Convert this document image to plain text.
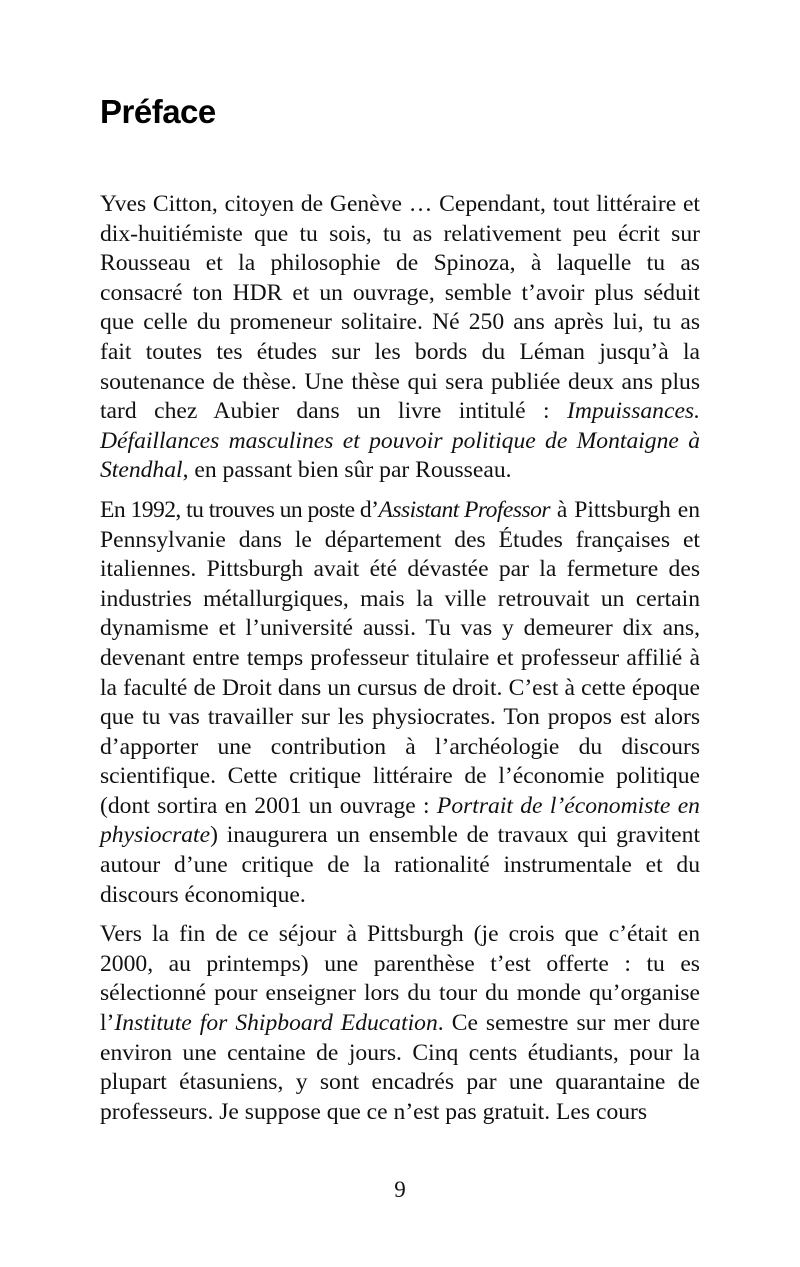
Préface

Yves Citton, citoyen de Genève … Cependant, tout littéraire et dix-huitiémiste que tu sois, tu as relativement peu écrit sur Rousseau et la philosophie de Spinoza, à laquelle tu as consacré ton HDR et un ouvrage, semble t’avoir plus séduit que celle du promeneur solitaire. Né 250 ans après lui, tu as fait toutes tes études sur les bords du Léman jusqu’à la soutenance de thèse. Une thèse qui sera publiée deux ans plus tard chez Aubier dans un livre intitulé : Impuissances. Défaillances masculines et pouvoir politique de Montaigne à Stendhal, en passant bien sûr par Rousseau.

En 1992, tu trouves un poste d’Assistant Professor à Pittsburgh en Pennsylvanie dans le département des Études françaises et italiennes. Pittsburgh avait été dévastée par la fermeture des industries métallurgiques, mais la ville retrouvait un certain dynamisme et l’université aussi. Tu vas y demeurer dix ans, devenant entre temps professeur titulaire et professeur affilié à la faculté de Droit dans un cursus de droit. C’est à cette époque que tu vas travailler sur les physiocrates. Ton propos est alors d’apporter une contribution à l’archéologie du discours scientifique. Cette critique littéraire de l’économie politique (dont sortira en 2001 un ouvrage : Portrait de l’économiste en physiocrate) inaugurera un ensemble de travaux qui gravitent autour d’une critique de la rationalité instrumentale et du discours économique.

Vers la fin de ce séjour à Pittsburgh (je crois que c’était en 2000, au printemps) une parenthèse t’est offerte : tu es sélectionné pour enseigner lors du tour du monde qu’organise l’Institute for Shipboard Education. Ce semestre sur mer dure environ une centaine de jours. Cinq cents étudiants, pour la plupart étasuniens, y sont encadrés par une quarantaine de professeurs. Je suppose que ce n’est pas gratuit. Les cours

9
